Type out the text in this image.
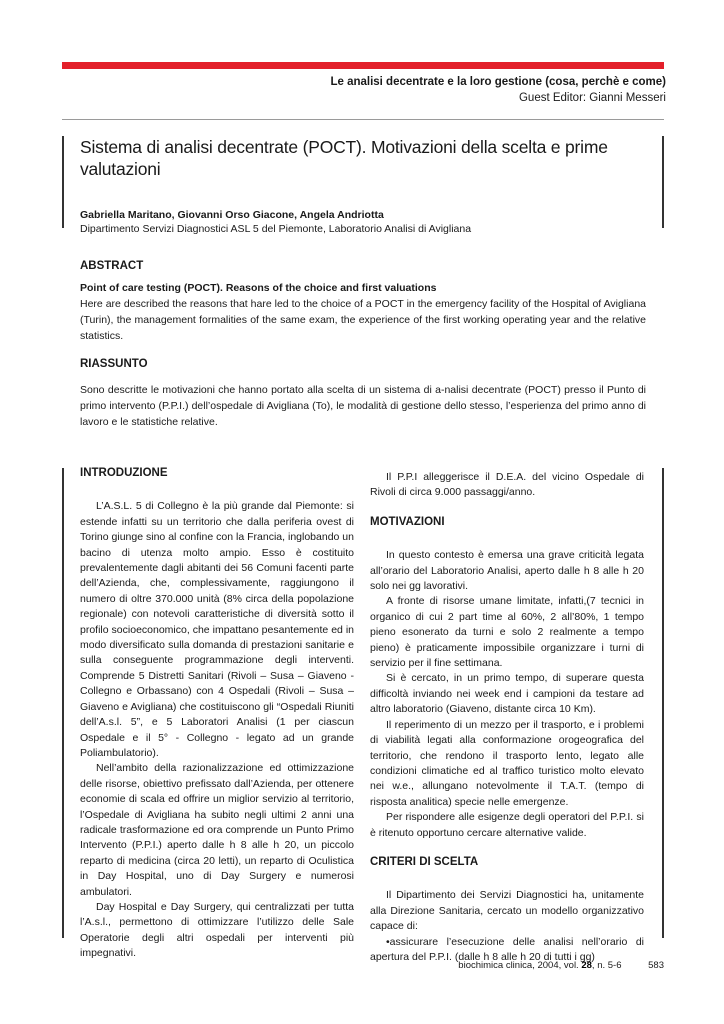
Le analisi decentrate e la loro gestione (cosa, perchè e come)
Guest Editor: Gianni Messeri
Sistema di analisi decentrate (POCT). Motivazioni della scelta e prime valutazioni
Gabriella Maritano, Giovanni Orso Giacone, Angela Andriotta
Dipartimento Servizi Diagnostici ASL 5 del Piemonte, Laboratorio Analisi di Avigliana
ABSTRACT
Point of care testing (POCT). Reasons of the choice and first valuations
Here are described the reasons that hare led to the choice of a POCT in the emergency facility of the Hospital of Avigliana (Turin), the management formalities of the same exam, the experience of the first working operating year and the relative statistics.
RIASSUNTO
Sono descritte le motivazioni che hanno portato alla scelta di un sistema di a-nalisi decentrate (POCT) presso il Punto di primo intervento (P.P.I.) dell’ospedale di Avigliana (To), le modalità di gestione dello stesso, l’esperienza del primo anno di lavoro e le statistiche relative.
INTRODUZIONE

L’A.S.L. 5 di Collegno è la più grande dal Piemonte: si estende infatti su un territorio che dalla periferia ovest di Torino giunge sino al confine con la Francia, inglobando un bacino di utenza molto ampio. Esso è costituito prevalentemente dagli abitanti dei 56 Comuni facenti parte dell’Azienda, che, complessivamente, raggiungono il numero di oltre 370.000 unità (8% circa della popolazione regionale) con notevoli caratteristiche di diversità sotto il profilo socioeconomico, che impattano pesantemente ed in modo diversificato sulla domanda di prestazioni sanitarie e sulla conseguente programmazione degli interventi. Comprende 5 Distretti Sanitari (Rivoli – Susa – Giaveno - Collegno e Orbassano) con 4 Ospedali (Rivoli – Susa – Giaveno e Avigliana) che costituiscono gli “Ospedali Riuniti dell’A.s.l. 5”, e 5 Laboratori Analisi (1 per ciascun Ospedale e il 5° - Collegno - legato ad un grande Poliambulatorio).

Nell’ambito della razionalizzazione ed ottimizzazione delle risorse, obiettivo prefissato dall’Azienda, per ottenere economie di scala ed offrire un miglior servizio al territorio, l’Ospedale di Avigliana ha subito negli ultimi 2 anni una radicale trasformazione ed ora comprende un Punto Primo Intervento (P.P.I.) aperto dalle h 8 alle h 20, un piccolo reparto di medicina (circa 20 letti), un reparto di Oculistica in Day Hospital, uno di Day Surgery e numerosi ambulatori.

Day Hospital e Day Surgery, qui centralizzati per tutta l’A.s.l., permettono di ottimizzare l’utilizzo delle Sale Operatorie degli altri ospedali per interventi più impegnativi.

Il P.P.I alleggerisce il D.E.A. del vicino Ospedale di Rivoli di circa 9.000 passaggi/anno.

MOTIVAZIONI

In questo contesto è emersa una grave criticità legata all’orario del Laboratorio Analisi, aperto dalle h 8 alle h 20 solo nei gg lavorativi.

A fronte di risorse umane limitate, infatti,(7 tecnici in organico di cui 2 part time al 60%, 2 all’80%, 1 tempo pieno esonerato da turni e solo 2 realmente a tempo pieno) è praticamente impossibile organizzare i turni di servizio per il fine settimana.

Si è cercato, in un primo tempo, di superare questa difficoltà inviando nei week end i campioni da testare ad altro laboratorio (Giaveno, distante circa 10 Km).

Il reperimento di un mezzo per il trasporto, e i problemi di viabilità legati alla conformazione orogeografica del territorio, che rendono il trasporto lento, legato alle condizioni climatiche ed al traffico turistico molto elevato nei w.e., allungano notevolmente il T.A.T. (tempo di risposta analitica) specie nelle emergenze.

Per rispondere alle esigenze degli operatori del P.P.I. si è ritenuto opportuno cercare alternative valide.

CRITERI DI SCELTA

Il Dipartimento dei Servizi Diagnostici ha, unitamente alla Direzione Sanitaria, cercato un modello organizzativo capace di:

•assicurare l’esecuzione delle analisi nell’orario di apertura del P.P.I. (dalle h 8 alle h 20 di tutti i gg)

biochimica clinica, 2004, vol. 28, n. 5-6	583
